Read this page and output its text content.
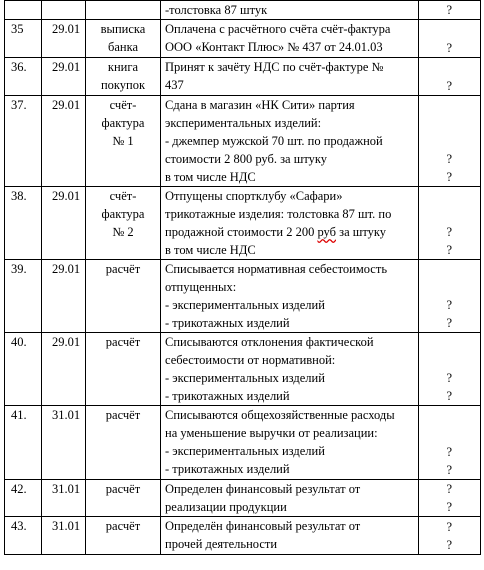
			-толстовка 87 штук	?

35	29.01	выписка
банка	Оплачена с расчётного счёта счёт-фактура
ООО «Контакт Плюс» № 437 от 24.01.03	?

36.	29.01	книга
покупок	Принят к зачёту НДС по счёт-фактуре №
437	?

37.	29.01	счёт-
фактура
№ 1	Сдана в магазин «НК Сити» партия
экспериментальных изделий:
- джемпер мужской 70 шт. по продажной
стоимости 2 800 руб. за штуку
в том числе НДС	?
?

38.	29.01	счёт-
фактура
№ 2	Отпущены спортклубу «Сафари»
трикотажные изделия: толстовка 87 шт. по
продажной стоимости 2 200 руб за штуку
в том числе НДС	?
?

39.	29.01	расчёт	Списывается нормативная себестоимость
отпущенных:
- экспериментальных изделий
- трикотажных изделий	?
?

40.	29.01	расчёт	Списываются отклонения фактической
себестоимости от нормативной:
- экспериментальных изделий
- трикотажных изделий	?
?

41.	31.01	расчёт	Списываются общехозяйственные расходы
на уменьшение выручки от реализации:
- экспериментальных изделий
- трикотажных изделий	?
?

42.	31.01	расчёт	Определен финансовый результат от
реализации продукции	?
?

43.	31.01	расчёт	Определён финансовый результат от
прочей деятельности	?
?
